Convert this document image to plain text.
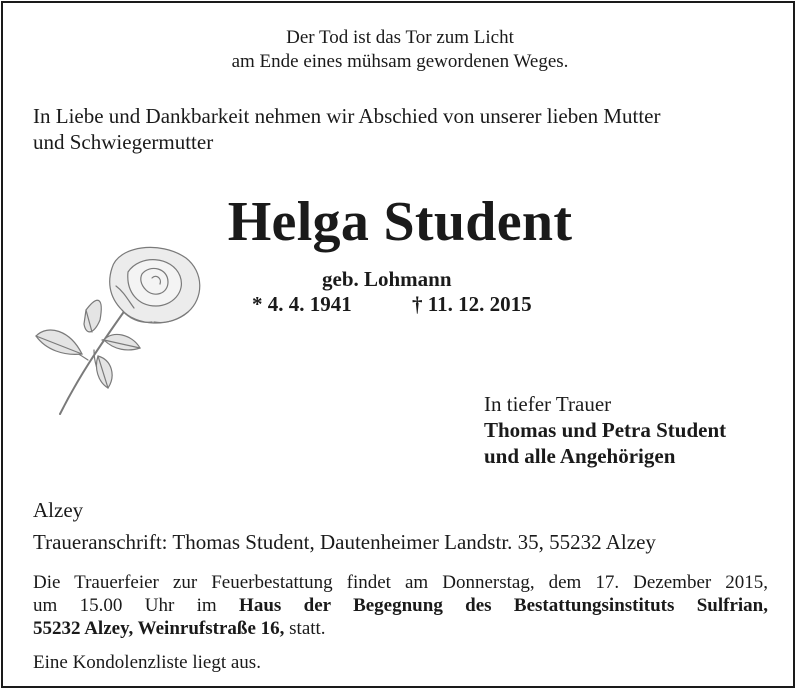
Der Tod ist das Tor zum Licht

am Ende eines mühsam gewordenen Weges.

In Liebe und Dankbarkeit nehmen wir Abschied von unserer lieben Mutter

und Schwiegermutter

Helga Student

geb. Lohmann

* 4. 4. 1941	† 11. 12. 2015

In tiefer Trauer

Thomas und Petra Student

und alle Angehörigen

Alzey

Traueranschrift: Thomas Student, Dautenheimer Landstr. 35, 55232 Alzey

Die Trauerfeier zur Feuerbestattung findet am Donnerstag, dem 17. Dezember 2015,
um 15.00 Uhr im Haus der Begegnung des Bestattungsinstituts Sulfrian,
55232 Alzey, Weinrufstraße 16, statt.

Eine Kondolenzliste liegt aus.
